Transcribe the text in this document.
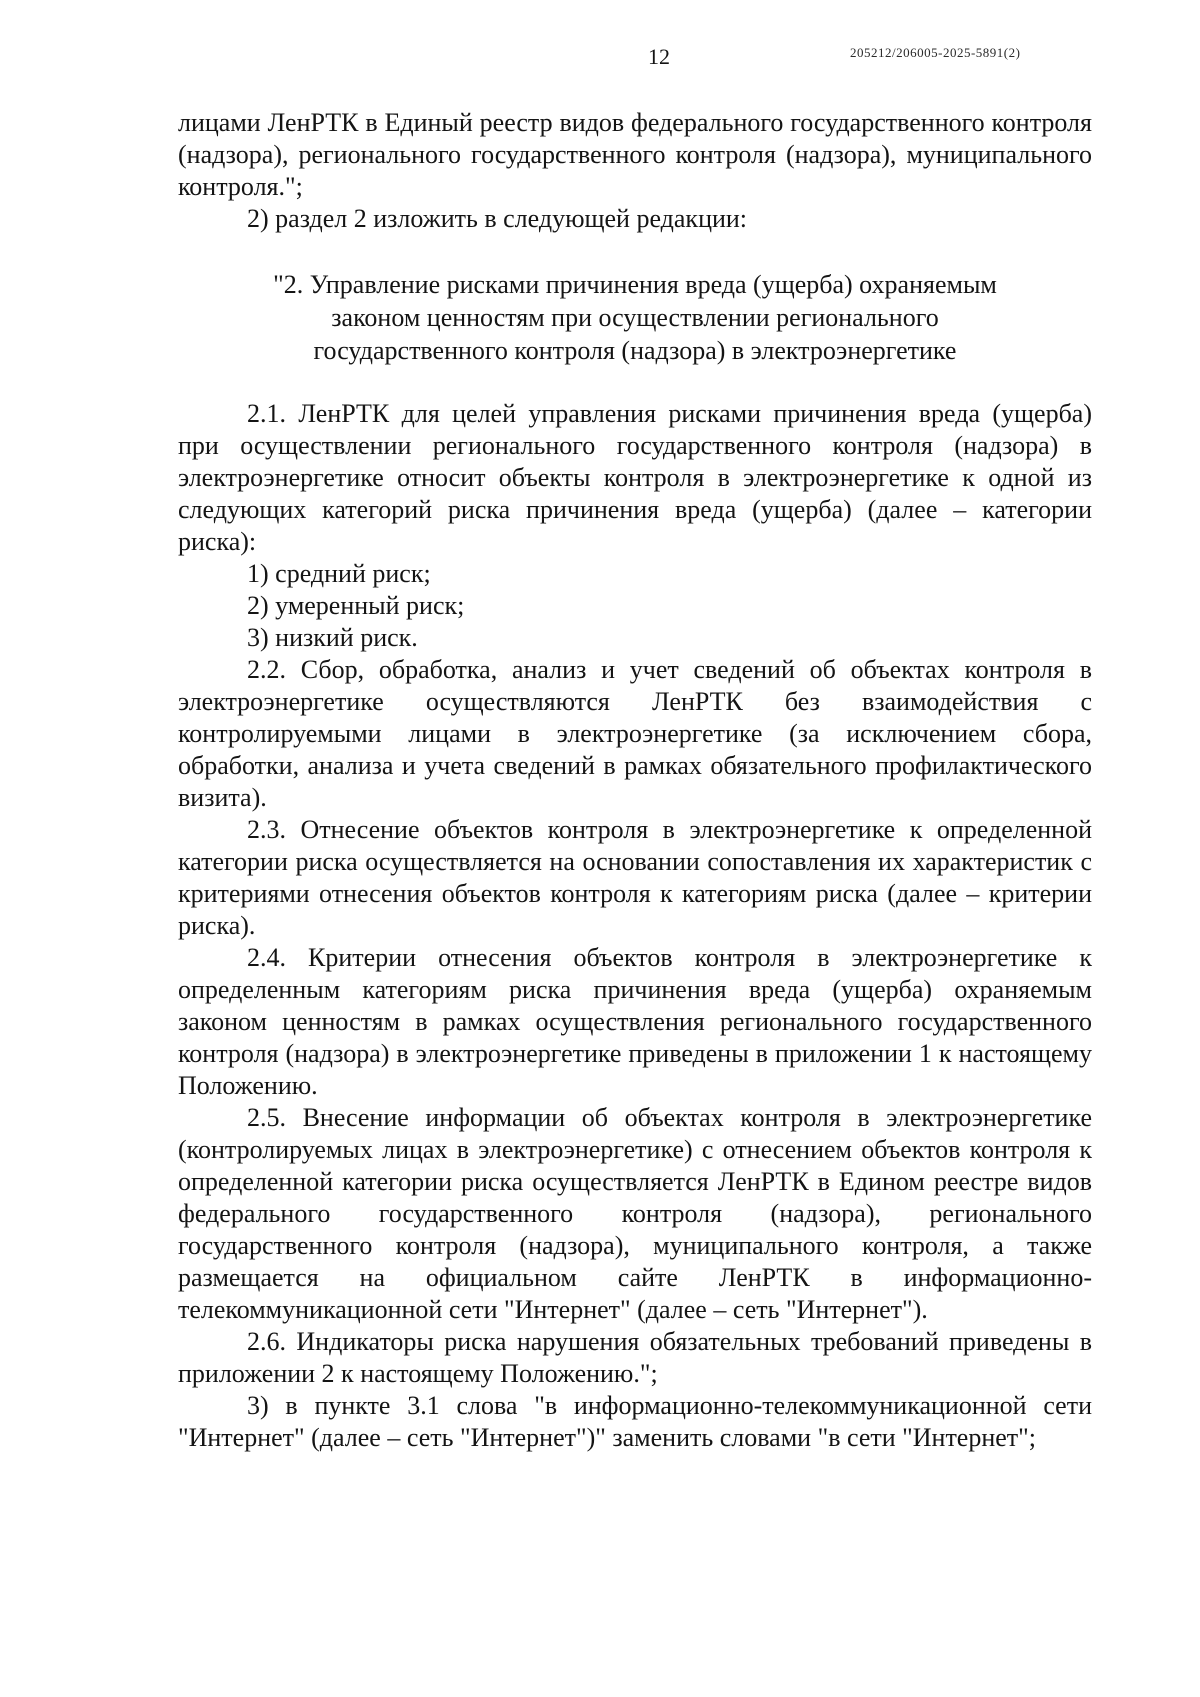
12	205212/206005-2025-5891(2)

лицами ЛенРТК в Единый реестр видов федерального государственного контроля (надзора), регионального государственного контроля (надзора), муниципального контроля.";

2) раздел 2 изложить в следующей редакции:

"2. Управление рисками причинения вреда (ущерба) охраняемым
законом ценностям при осуществлении регионального
государственного контроля (надзора) в электроэнергетике

2.1. ЛенРТК для целей управления рисками причинения вреда (ущерба) при осуществлении регионального государственного контроля (надзора) в электроэнергетике относит объекты контроля в электроэнергетике к одной из следующих категорий риска причинения вреда (ущерба) (далее – категории риска):

1) средний риск;

2) умеренный риск;

3) низкий риск.

2.2. Сбор, обработка, анализ и учет сведений об объектах контроля в электроэнергетике осуществляются ЛенРТК без взаимодействия с контролируемыми лицами в электроэнергетике (за исключением сбора, обработки, анализа и учета сведений в рамках обязательного профилактического визита).

2.3. Отнесение объектов контроля в электроэнергетике к определенной категории риска осуществляется на основании сопоставления их характеристик с критериями отнесения объектов контроля к категориям риска (далее – критерии риска).

2.4. Критерии отнесения объектов контроля в электроэнергетике к определенным категориям риска причинения вреда (ущерба) охраняемым законом ценностям в рамках осуществления регионального государственного контроля (надзора) в электроэнергетике приведены в приложении 1 к настоящему Положению.

2.5. Внесение информации об объектах контроля в электроэнергетике (контролируемых лицах в электроэнергетике) с отнесением объектов контроля к определенной категории риска осуществляется ЛенРТК в Едином реестре видов федерального государственного контроля (надзора), регионального государственного контроля (надзора), муниципального контроля, а также размещается на официальном сайте ЛенРТК в информационно-телекоммуникационной сети "Интернет" (далее – сеть "Интернет").

2.6. Индикаторы риска нарушения обязательных требований приведены в приложении 2 к настоящему Положению.";

3) в пункте 3.1 слова "в информационно-телекоммуникационной сети "Интернет" (далее – сеть "Интернет")" заменить словами "в сети "Интернет";
